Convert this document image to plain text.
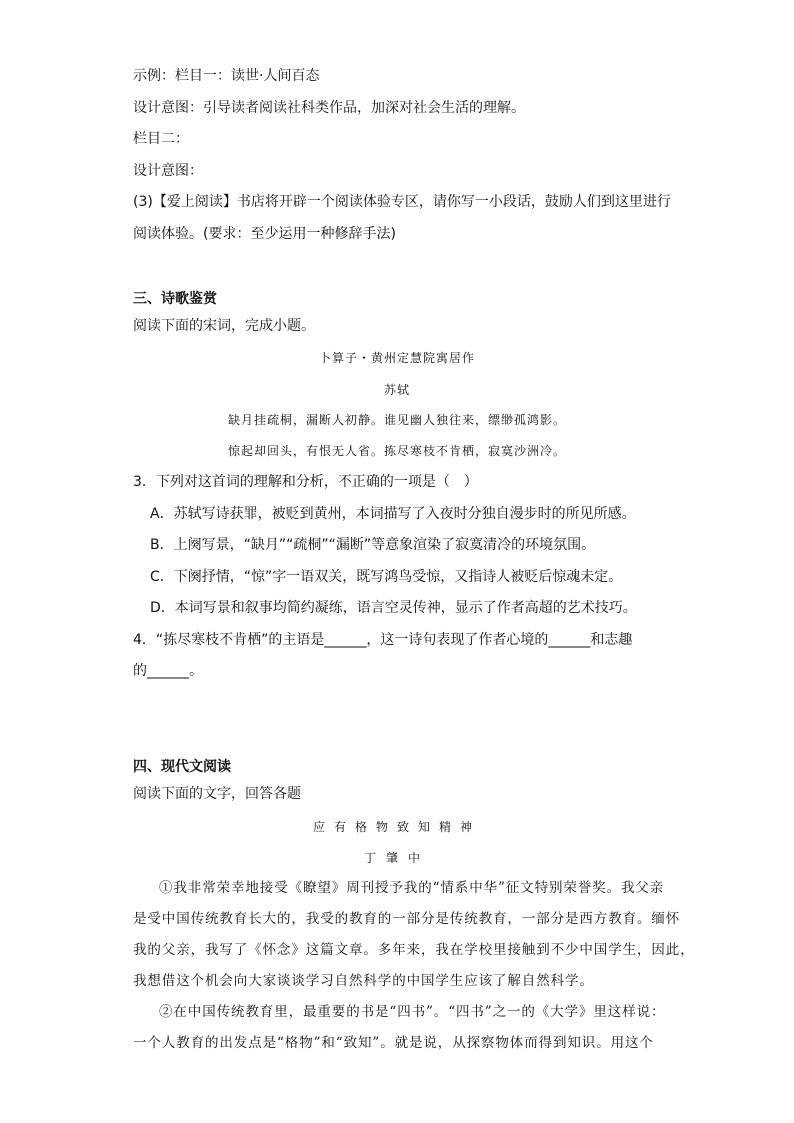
示例：栏目一：读世·人间百态
设计意图：引导读者阅读社科类作品，加深对社会生活的理解。
栏目二：
设计意图：
(3)【爱上阅读】书店将开辟一个阅读体验专区，请你写一小段话，鼓励人们到这里进行
阅读体验。(要求：至少运用一种修辞手法)
三、诗歌鉴赏
阅读下面的宋词，完成小题。
卜算子・黄州定慧院寓居作
苏轼
缺月挂疏桐，漏断人初静。谁见幽人独往来，缥缈孤鸿影。
惊起却回头，有恨无人省。拣尽寒枝不肯栖，寂寞沙洲冷。
3．下列对这首词的理解和分析，不正确的一项是（　）
A．苏轼写诗获罪，被贬到黄州，本词描写了入夜时分独自漫步时的所见所感。
B．上阕写景，“缺月”“疏桐”“漏断”等意象渲染了寂寞清冷的环境氛围。
C．下阕抒情，“惊”字一语双关，既写鸿鸟受惊，又指诗人被贬后惊魂未定。
D．本词写景和叙事均简约凝练，语言空灵传神，显示了作者高超的艺术技巧。
4．“拣尽寒枝不肯栖”的主语是______，这一诗句表现了作者心境的______和志趣
的______。
四、现代文阅读
阅读下面的文字，回答各题
应有格物致知精神
丁肇中
①我非常荣幸地接受《瞭望》周刊授予我的“情系中华”征文特别荣誉奖。我父亲
是受中国传统教育长大的，我受的教育的一部分是传统教育，一部分是西方教育。缅怀
我的父亲，我写了《怀念》这篇文章。多年来，我在学校里接触到不少中国学生，因此，
我想借这个机会向大家谈谈学习自然科学的中国学生应该了解自然科学。
②在中国传统教育里，最重要的书是“四书”。“四书”之一的《大学》里这样说：
一个人教育的出发点是“格物”和“致知”。就是说，从探察物体而得到知识。用这个
